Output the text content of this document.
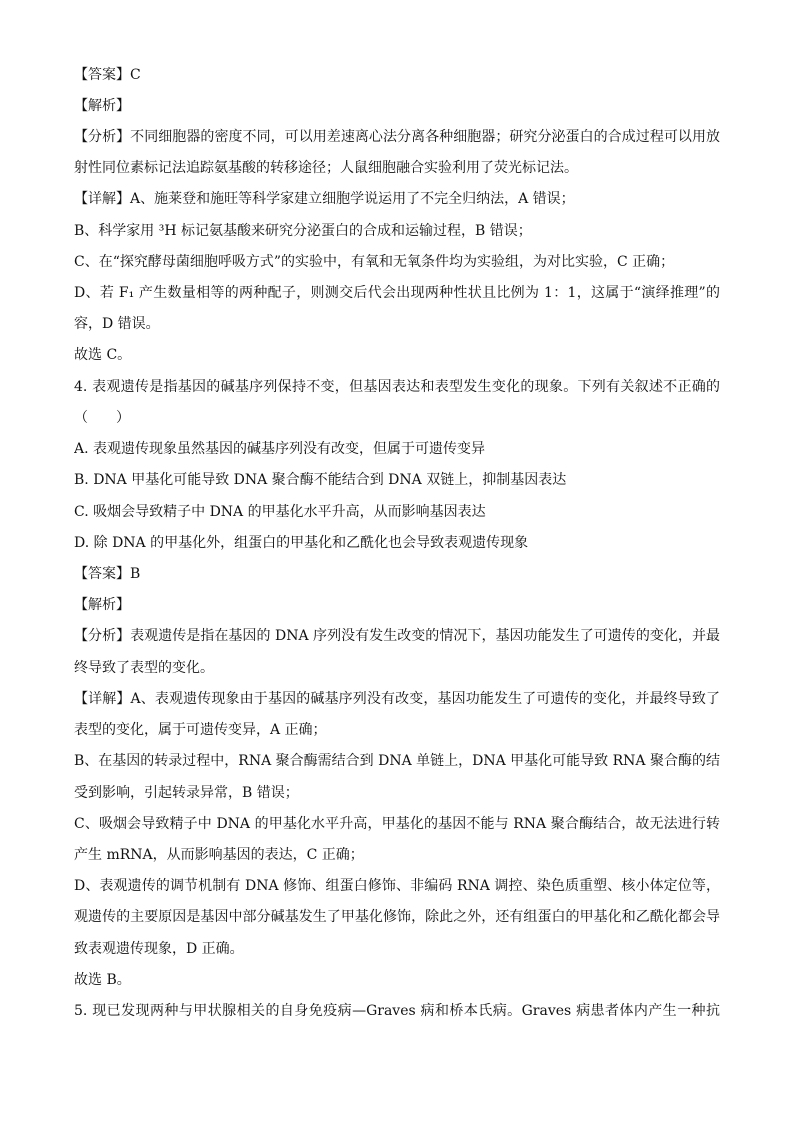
【答案】C
【解析】
【分析】不同细胞器的密度不同，可以用差速离心法分离各种细胞器；研究分泌蛋白的合成过程可以用放
射性同位素标记法追踪氨基酸的转移途径；人鼠细胞融合实验利用了荧光标记法。
【详解】A、施莱登和施旺等科学家建立细胞学说运用了不完全归纳法，A 错误；
B、科学家用 ³H 标记氨基酸来研究分泌蛋白的合成和运输过程，B 错误；
C、在“探究酵母菌细胞呼吸方式”的实验中，有氧和无氧条件均为实验组，为对比实验，C 正确；
D、若 F₁ 产生数量相等的两种配子，则测交后代会出现两种性状且比例为 1：1，这属于“演绎推理”的
容，D 错误。
故选 C。
4. 表观遗传是指基因的碱基序列保持不变，但基因表达和表型发生变化的现象。下列有关叙述不正确的
（　　）
A. 表观遗传现象虽然基因的碱基序列没有改变，但属于可遗传变异
B. DNA 甲基化可能导致 DNA 聚合酶不能结合到 DNA 双链上，抑制基因表达
C. 吸烟会导致精子中 DNA 的甲基化水平升高，从而影响基因表达
D. 除 DNA 的甲基化外，组蛋白的甲基化和乙酰化也会导致表观遗传现象
【答案】B
【解析】
【分析】表观遗传是指在基因的 DNA 序列没有发生改变的情况下，基因功能发生了可遗传的变化，并最
终导致了表型的变化。
【详解】A、表观遗传现象由于基因的碱基序列没有改变，基因功能发生了可遗传的变化，并最终导致了
表型的变化，属于可遗传变异，A 正确；
B、在基因的转录过程中，RNA 聚合酶需结合到 DNA 单链上，DNA 甲基化可能导致 RNA 聚合酶的结
受到影响，引起转录异常，B 错误；
C、吸烟会导致精子中 DNA 的甲基化水平升高，甲基化的基因不能与 RNA 聚合酶结合，故无法进行转
产生 mRNA，从而影响基因的表达，C 正确；
D、表观遗传的调节机制有 DNA 修饰、组蛋白修饰、非编码 RNA 调控、染色质重塑、核小体定位等，
观遗传的主要原因是基因中部分碱基发生了甲基化修饰，除此之外，还有组蛋白的甲基化和乙酰化都会导
致表观遗传现象，D 正确。
故选 B。
5. 现已发现两种与甲状腺相关的自身免疫病—Graves 病和桥本氏病。Graves 病患者体内产生一种抗
